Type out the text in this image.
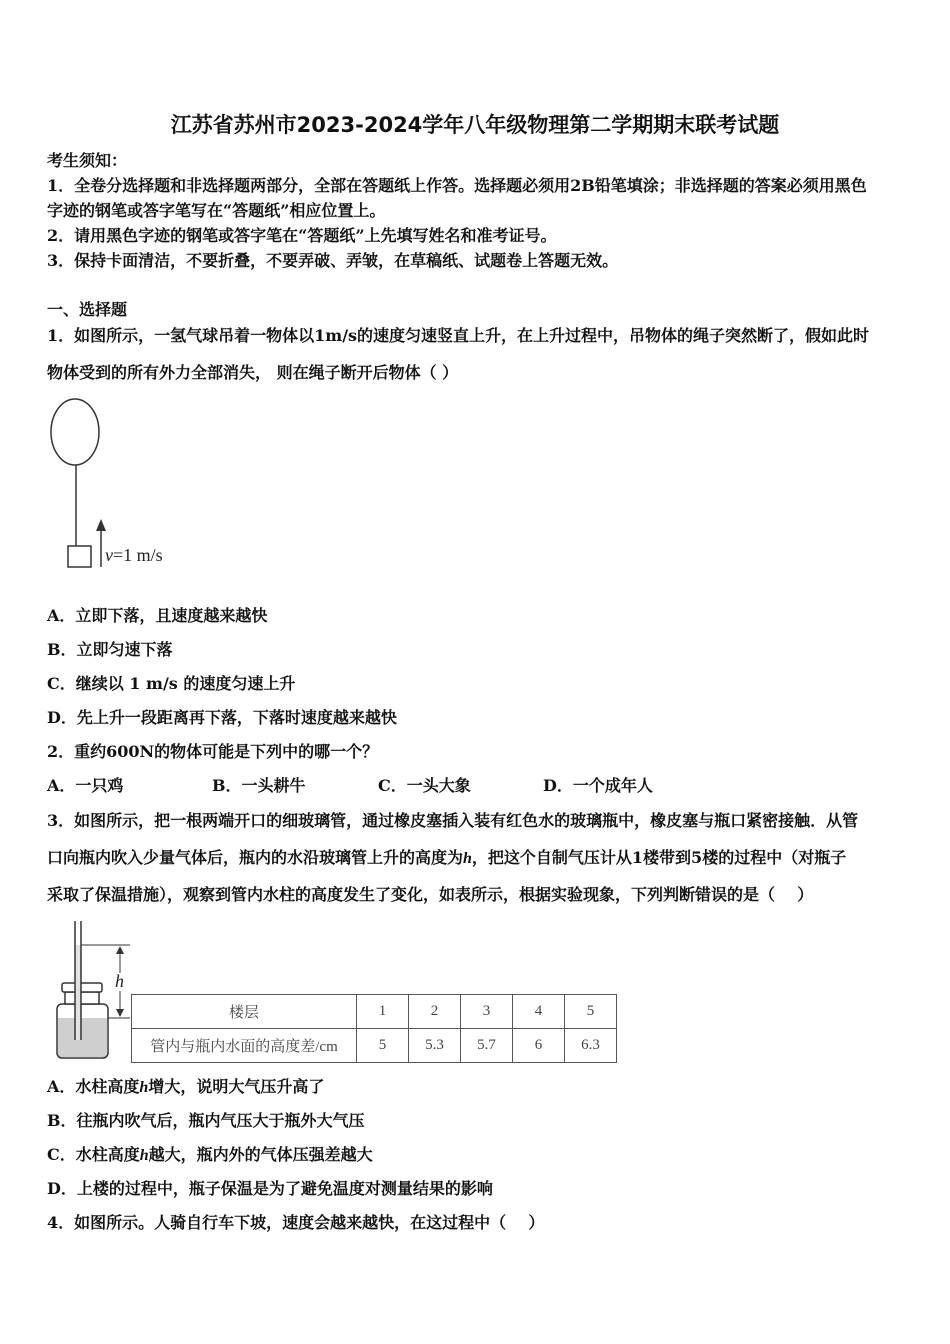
江苏省苏州市2023-2024学年八年级物理第二学期期末联考试题
考生须知：
1．全卷分选择题和非选择题两部分，全部在答题纸上作答。选择题必须用2B铅笔填涂；非选择题的答案必须用黑色
字迹的钢笔或答字笔写在“答题纸”相应位置上。
2．请用黑色字迹的钢笔或答字笔在“答题纸”上先填写姓名和准考证号。
3．保持卡面清洁，不要折叠，不要弄破、弄皱，在草稿纸、试题卷上答题无效。
一、选择题
1．如图所示，一氢气球吊着一物体以1m/s的速度匀速竖直上升，在上升过程中，吊物体的绳子突然断了，假如此时
物体受到的所有外力全部消失， 则在绳子断开后物体（ ）
v=1 m/s
A．立即下落，且速度越来越快
B．立即匀速下落
C．继续以 1 m/s 的速度匀速上升
D．先上升一段距离再下落，下落时速度越来越快
2．重约600N的物体可能是下列中的哪一个？
A．一只鸡	B．一头耕牛	C．一头大象	D．一个成年人
3．如图所示，把一根两端开口的细玻璃管，通过橡皮塞插入装有红色水的玻璃瓶中，橡皮塞与瓶口紧密接触．从管
口向瓶内吹入少量气体后，瓶内的水沿玻璃管上升的高度为h，把这个自制气压计从1楼带到5楼的过程中（对瓶子
采取了保温措施），观察到管内水柱的高度发生了变化，如表所示，根据实验现象，下列判断错误的是（    ）
h
楼层	1	2	3	4	5
管内与瓶内水面的高度差/cm	5	5.3	5.7	6	6.3
A．水柱高度h增大，说明大气压升高了
B．往瓶内吹气后，瓶内气压大于瓶外大气压
C．水柱高度h越大，瓶内外的气体压强差越大
D．上楼的过程中，瓶子保温是为了避免温度对测量结果的影响
4．如图所示。人骑自行车下坡，速度会越来越快，在这过程中（    ）
